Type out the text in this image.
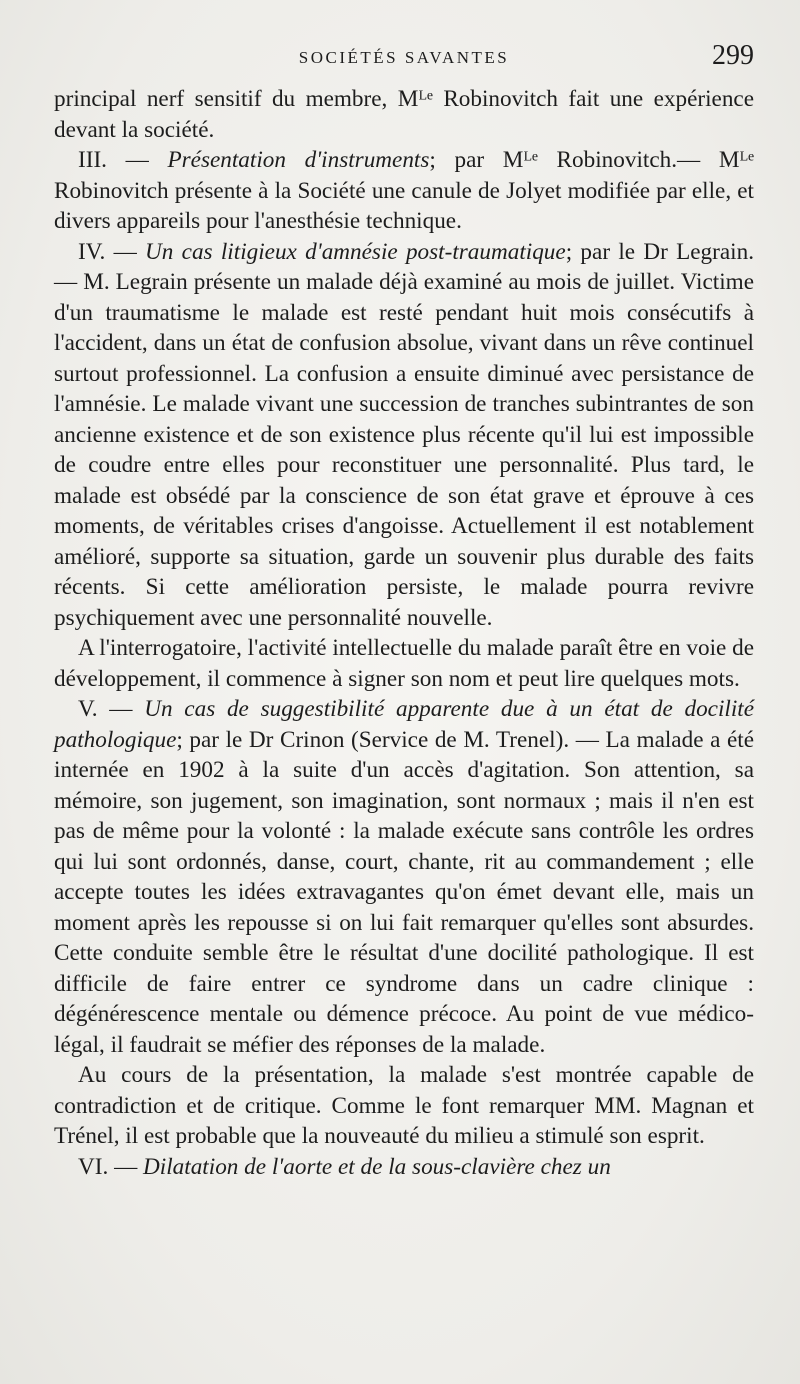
SOCIÉTÉS SAVANTES	299

principal nerf sensitif du membre, Mᴸᵉ Robinovitch fait une expérience devant la société.

III. — Présentation d'instruments; par Mᴸᵉ Robinovitch.— Mᴸᵉ Robinovitch présente à la Société une canule de Jolyet modifiée par elle, et divers appareils pour l'anesthésie technique.

IV. — Un cas litigieux d'amnésie post-traumatique; par le Dr Legrain. — M. Legrain présente un malade déjà examiné au mois de juillet. Victime d'un traumatisme le malade est resté pendant huit mois consécutifs à l'accident, dans un état de confusion absolue, vivant dans un rêve continuel surtout professionnel. La confusion a ensuite diminué avec persistance de l'amnésie. Le malade vivant une succession de tranches subintrantes de son ancienne existence et de son existence plus récente qu'il lui est impossible de coudre entre elles pour reconstituer une personnalité. Plus tard, le malade est obsédé par la conscience de son état grave et éprouve à ces moments, de véritables crises d'angoisse. Actuellement il est notablement amélioré, supporte sa situation, garde un souvenir plus durable des faits récents. Si cette amélioration persiste, le malade pourra revivre psychiquement avec une personnalité nouvelle.

A l'interrogatoire, l'activité intellectuelle du malade paraît être en voie de développement, il commence à signer son nom et peut lire quelques mots.

V. — Un cas de suggestibilité apparente due à un état de docilité pathologique; par le Dr Crinon (Service de M. Trenel). — La malade a été internée en 1902 à la suite d'un accès d'agitation. Son attention, sa mémoire, son jugement, son imagination, sont normaux ; mais il n'en est pas de même pour la volonté : la malade exécute sans contrôle les ordres qui lui sont ordonnés, danse, court, chante, rit au commandement ; elle accepte toutes les idées extravagantes qu'on émet devant elle, mais un moment après les repousse si on lui fait remarquer qu'elles sont absurdes. Cette conduite semble être le résultat d'une docilité pathologique. Il est difficile de faire entrer ce syndrome dans un cadre clinique : dégénérescence mentale ou démence précoce. Au point de vue médico-légal, il faudrait se méfier des réponses de la malade.

Au cours de la présentation, la malade s'est montrée capable de contradiction et de critique. Comme le font remarquer MM. Magnan et Trénel, il est probable que la nouveauté du milieu a stimulé son esprit.

VI. — Dilatation de l'aorte et de la sous-clavière chez un
